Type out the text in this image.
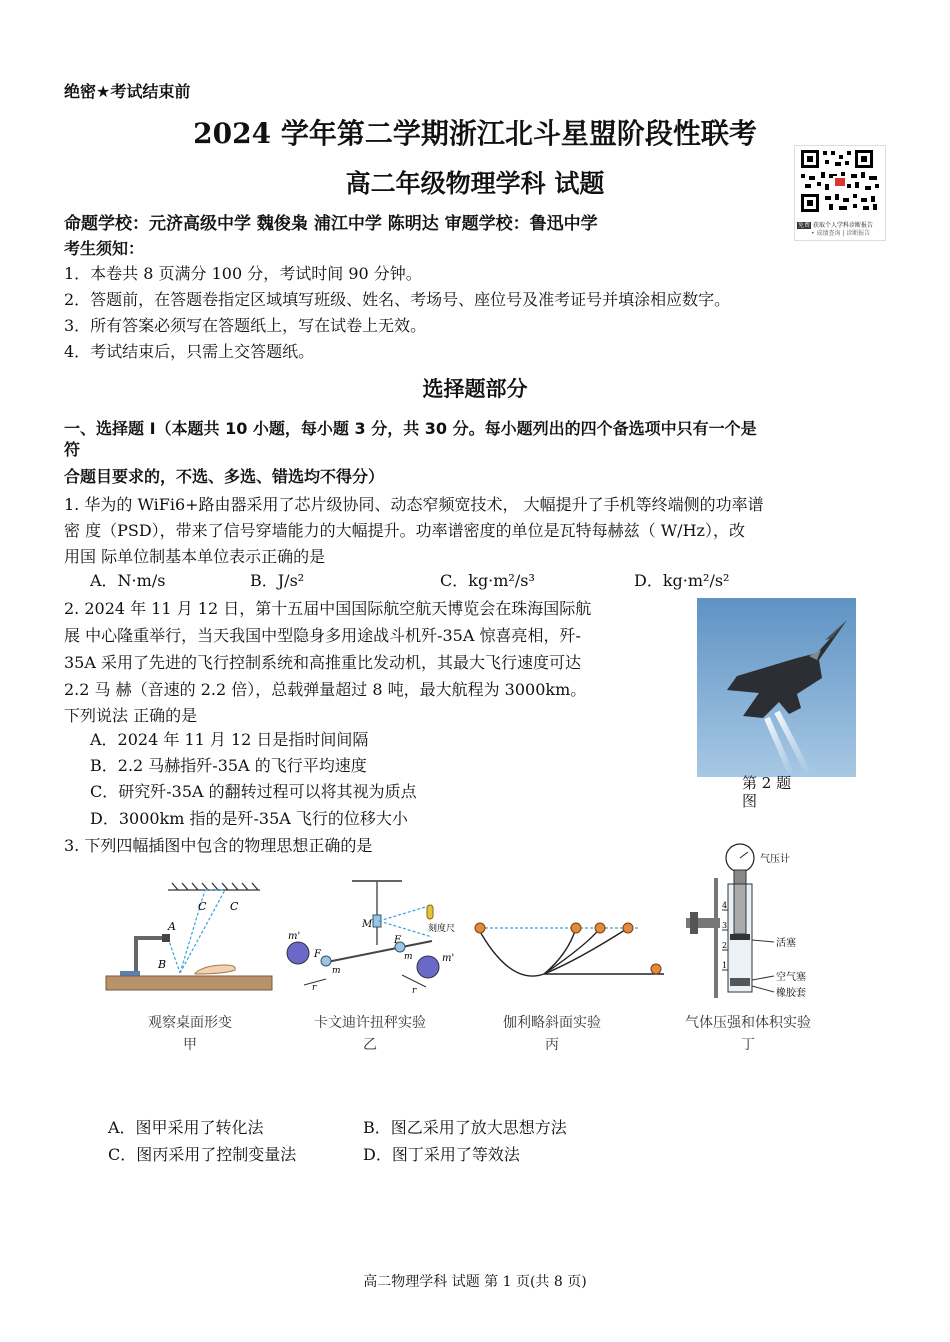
绝密★考试结束前
2024 学年第二学期浙江北斗星盟阶段性联考
高二年级物理学科 试题
命题学校：元济高级中学 魏俊枭 浦江中学 陈明达 审题学校：鲁迅中学
考生须知：
免费 获取个人学科诊断报告
• 成绩查询 | 诊断报告
1．本卷共 8 页满分 100 分，考试时间 90 分钟。
2．答题前，在答题卷指定区域填写班级、姓名、考场号、座位号及准考证号并填涂相应数字。
3．所有答案必须写在答题纸上，写在试卷上无效。
4．考试结束后，只需上交答题纸。
选择题部分
一、选择题 Ⅰ（本题共 10 小题，每小题 3 分，共 30 分。每小题列出的四个备选项中只有一个是
符
合题目要求的，不选、多选、错选均不得分）
1. 华为的 WiFi6+路由器采用了芯片级协同、动态窄频宽技术， 大幅提升了手机等终端侧的功率谱
密 度（PSD），带来了信号穿墙能力的大幅提升。功率谱密度的单位是瓦特每赫兹（ W/Hz），改
用国 际单位制基本单位表示正确的是
A．N·m/s	B．J/s²	C．kg·m²/s³	D．kg·m²/s²
2. 2024 年 11 月 12 日，第十五届中国国际航空航天博览会在珠海国际航
展 中心隆重举行，当天我国中型隐身多用途战斗机歼-35A 惊喜亮相，歼-
35A 采用了先进的飞行控制系统和高推重比发动机，其最大飞行速度可达
2.2 马 赫（音速的 2.2 倍），总载弹量超过 8 吨，最大航程为 3000km。
下列说法 正确的是
A．2024 年 11 月 12 日是指时间间隔
B．2.2 马赫指歼-35A 的飞行平均速度
C．研究歼-35A 的翻转过程可以将其视为质点
D．3000km 指的是歼-35A 飞行的位移大小
第 2 题
图
3. 下列四幅插图中包含的物理思想正确的是
A
B
C C
m'
m'
m
m
M
F
F
r	r
刻度尺
气压计
活塞
空气塞
橡胶套
4
3
2
1
观察桌面形变
甲
卡文迪许扭秤实验
乙
伽利略斜面实验
丙
气体压强和体积实验
丁
A．图甲采用了转化法	B．图乙采用了放大思想方法
C．图丙采用了控制变量法	D．图丁采用了等效法
高二物理学科 试题 第 1 页(共 8 页)
